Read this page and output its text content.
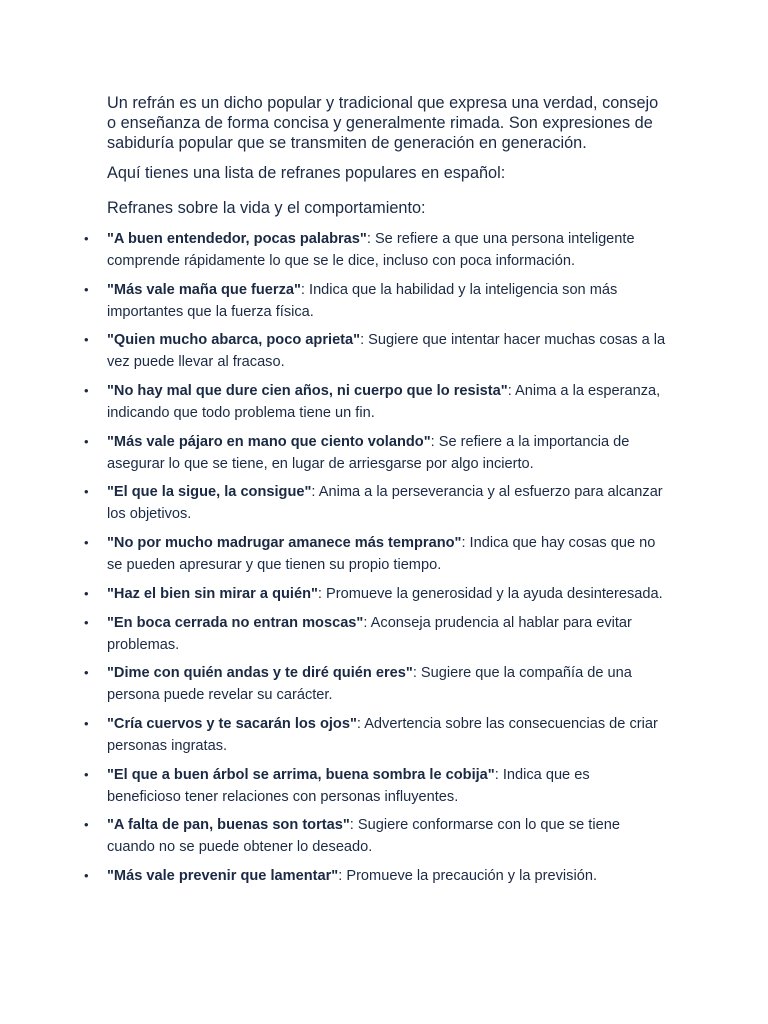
Un refrán es un dicho popular y tradicional que expresa una verdad, consejo o enseñanza de forma concisa y generalmente rimada. Son expresiones de sabiduría popular que se transmiten de generación en generación.

Aquí tienes una lista de refranes populares en español:

Refranes sobre la vida y el comportamiento:

• "A buen entendedor, pocas palabras": Se refiere a que una persona inteligente comprende rápidamente lo que se le dice, incluso con poca información.
• "Más vale maña que fuerza": Indica que la habilidad y la inteligencia son más importantes que la fuerza física.
• "Quien mucho abarca, poco aprieta": Sugiere que intentar hacer muchas cosas a la vez puede llevar al fracaso.
• "No hay mal que dure cien años, ni cuerpo que lo resista": Anima a la esperanza, indicando que todo problema tiene un fin.
• "Más vale pájaro en mano que ciento volando": Se refiere a la importancia de asegurar lo que se tiene, en lugar de arriesgarse por algo incierto.
• "El que la sigue, la consigue": Anima a la perseverancia y al esfuerzo para alcanzar los objetivos.
• "No por mucho madrugar amanece más temprano": Indica que hay cosas que no se pueden apresurar y que tienen su propio tiempo.
• "Haz el bien sin mirar a quién": Promueve la generosidad y la ayuda desinteresada.
• "En boca cerrada no entran moscas": Aconseja prudencia al hablar para evitar problemas.
• "Dime con quién andas y te diré quién eres": Sugiere que la compañía de una persona puede revelar su carácter.
• "Cría cuervos y te sacarán los ojos": Advertencia sobre las consecuencias de criar personas ingratas.
• "El que a buen árbol se arrima, buena sombra le cobija": Indica que es beneficioso tener relaciones con personas influyentes.
• "A falta de pan, buenas son tortas": Sugiere conformarse con lo que se tiene cuando no se puede obtener lo deseado.
• "Más vale prevenir que lamentar": Promueve la precaución y la previsión.
